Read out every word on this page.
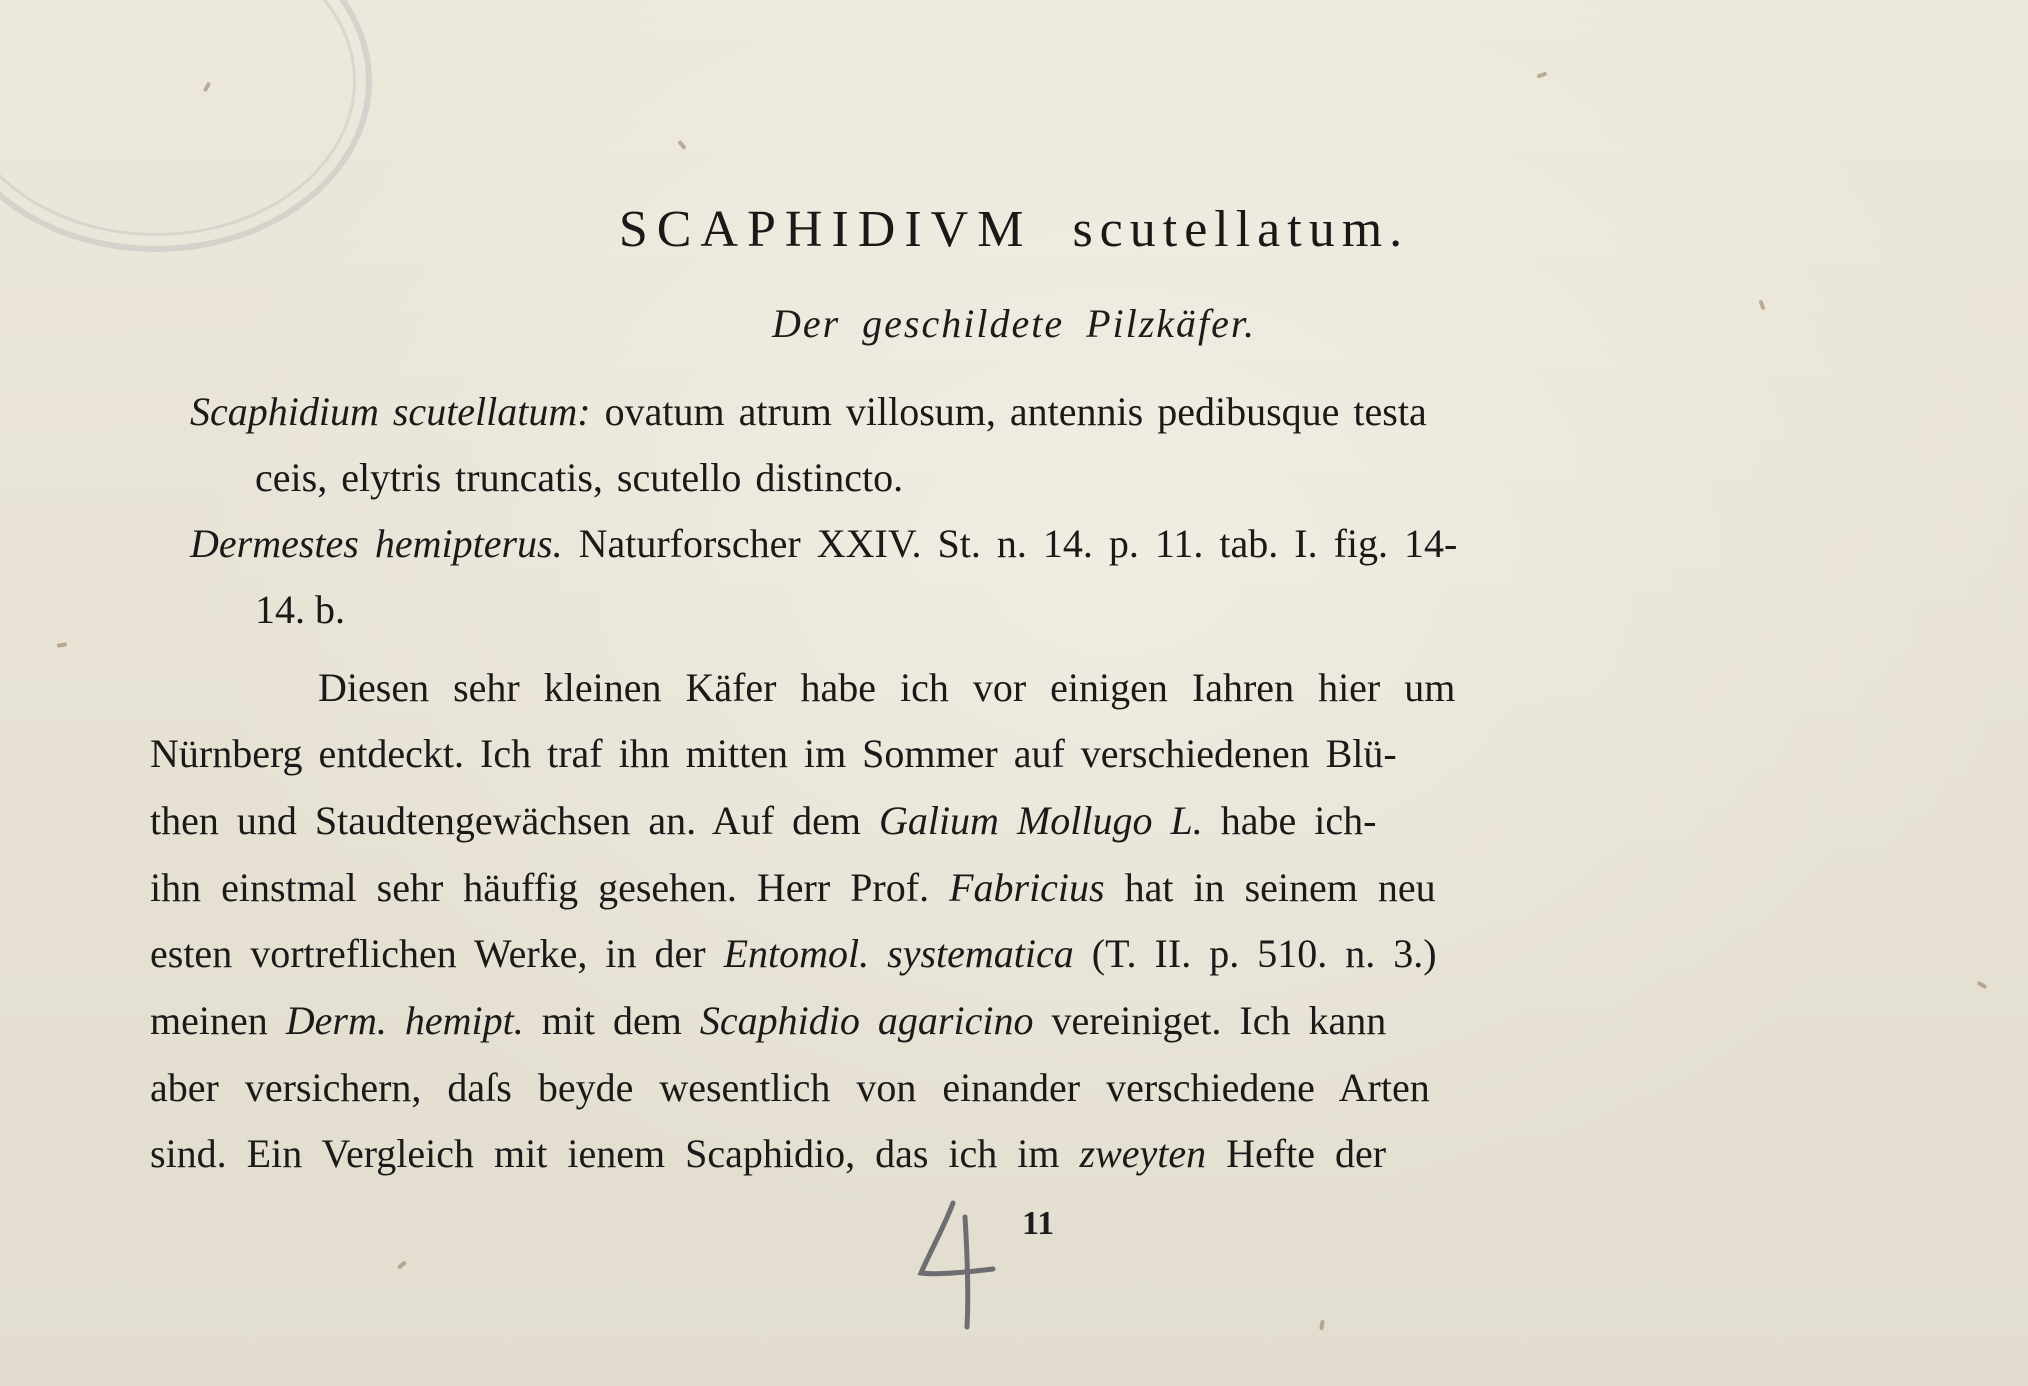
SCAPHIDIVM scutellatum.
Der geschildete Pilzkäfer.
Scaphidium scutellatum: ovatum atrum villosum, antennis pedibusque testa
ceis, elytris truncatis, scutello distincto.
Dermestes hemipterus. Naturforscher XXIV. St. n. 14. p. 11. tab. I. fig. 14-
14. b.
Diesen sehr kleinen Käfer habe ich vor einigen Iahren hier um
Nürnberg entdeckt. Ich traf ihn mitten im Sommer auf verschiedenen Blü-
then und Staudtengewächsen an. Auf dem Galium Mollugo L. habe ich-
ihn einstmal sehr häuffig gesehen. Herr Prof. Fabricius hat in seinem neu
esten vortreflichen Werke, in der Entomol. systematica (T. II. p. 510. n. 3.)
meinen Derm. hemipt. mit dem Scaphidio agaricino vereiniget. Ich kann
aber versichern, daſs beyde wesentlich von einander verschiedene Arten
sind. Ein Vergleich mit ienem Scaphidio, das ich im zweyten Hefte der
11
